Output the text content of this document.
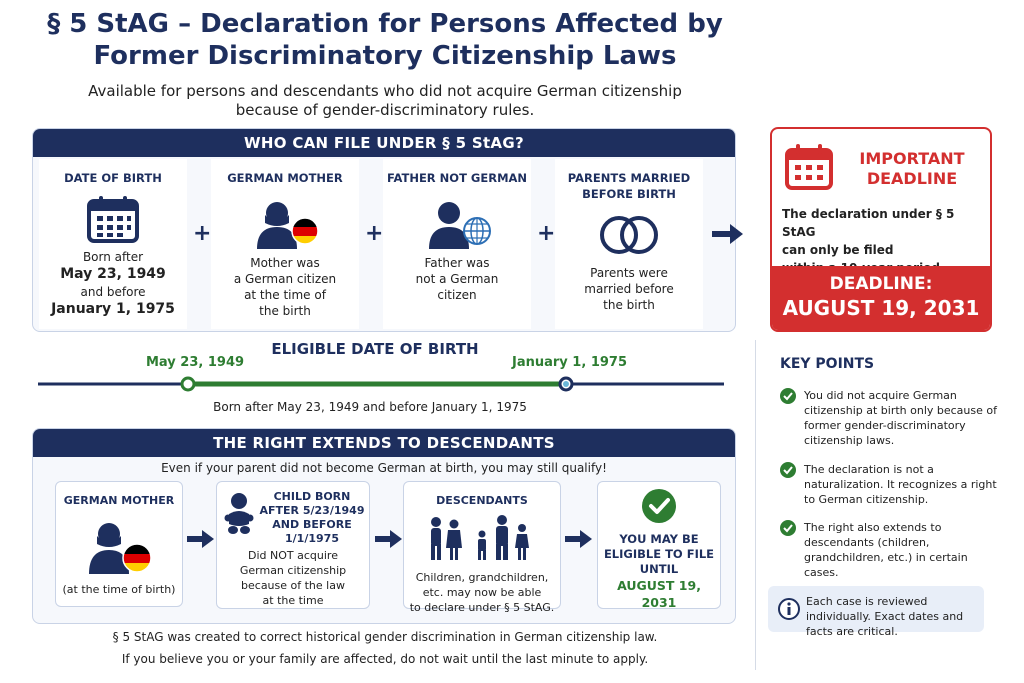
§ 5 StAG – Declaration for Persons Affected by Former Discriminatory Citizenship Laws
Available for persons and descendants who did not acquire German citizenship because of gender-discriminatory rules.
WHO CAN FILE UNDER § 5 StAG?
DATE OF BIRTH
Born after
May 23, 1949
and before
January 1, 1975
+
GERMAN MOTHER
Mother was
a German citizen
at the time of
the birth
+
FATHER NOT GERMAN
Father was
not a German
citizen
+
PARENTS MARRIED
BEFORE BIRTH
Parents were
married before
the birth
IMPORTANT
DEADLINE
The declaration under § 5 StAG
can only be filed
DEADLINE:
AUGUST 19, 2031
ELIGIBLE DATE OF BIRTH
May 23, 1949	January 1, 1975
Born after May 23, 1949 and before January 1, 1975
THE RIGHT EXTENDS TO DESCENDANTS
Even if your parent did not become German at birth, you may still qualify!
GERMAN MOTHER
(at the time of birth)
CHILD BORN
AFTER 5/23/1949
AND BEFORE
1/1/1975
Did NOT acquire
German citizenship
because of the law
at the time
DESCENDANTS
Children, grandchildren,
etc. may now be able
to declare under § 5 StAG.
YOU MAY BE
ELIGIBLE TO FILE
UNTIL
AUGUST 19, 2031
§ 5 StAG was created to correct historical gender discrimination in German citizenship law.
If you believe you or your family are affected, do not wait until the last minute to apply.
KEY POINTS
You did not acquire German citizenship at birth only because of former gender-discriminatory citizenship laws.
The declaration is not a naturalization. It recognizes a right to German citizenship.
The right also extends to descendants (children, grandchildren, etc.) in certain cases.
Each case is reviewed individually. Exact dates and facts are critical.
